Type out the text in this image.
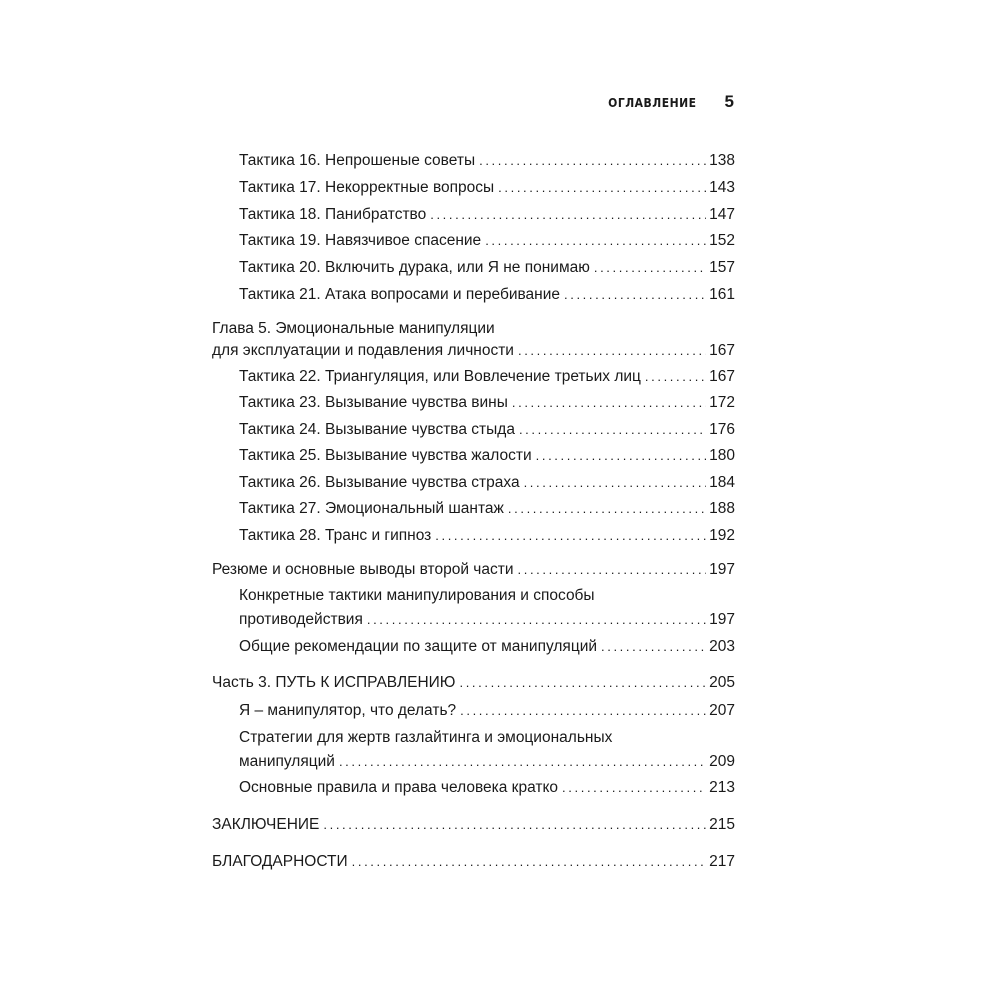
ОГЛАВЛЕНИЕ 5
Тактика 16. Непрошеные советы . . .	138
Тактика 17. Некорректные вопросы . . .	143
Тактика 18. Панибратство . . .	147
Тактика 19. Навязчивое спасение . . .	152
Тактика 20. Включить дурака, или Я не понимаю . . .	157
Тактика 21. Атака вопросами и перебивание . . .	161
Глава 5. Эмоциональные манипуляции
для эксплуатации и подавления личности . . .	167
Тактика 22. Триангуляция, или Вовлечение третьих лиц . . .	167
Тактика 23. Вызывание чувства вины . . .	172
Тактика 24. Вызывание чувства стыда . . .	176
Тактика 25. Вызывание чувства жалости . . .	180
Тактика 26. Вызывание чувства страха . . .	184
Тактика 27. Эмоциональный шантаж . . .	188
Тактика 28. Транс и гипноз . . .	192
Резюме и основные выводы второй части . . .	197
Конкретные тактики манипулирования и способы
противодействия . . .	197
Общие рекомендации по защите от манипуляций . . .	203
Часть 3. ПУТЬ К ИСПРАВЛЕНИЮ . . .	205
Я – манипулятор, что делать? . . .	207
Стратегии для жертв газлайтинга и эмоциональных
манипуляций . . .	209
Основные правила и права человека кратко . . .	213
ЗАКЛЮЧЕНИЕ . . .	215
БЛАГОДАРНОСТИ . . .	217
